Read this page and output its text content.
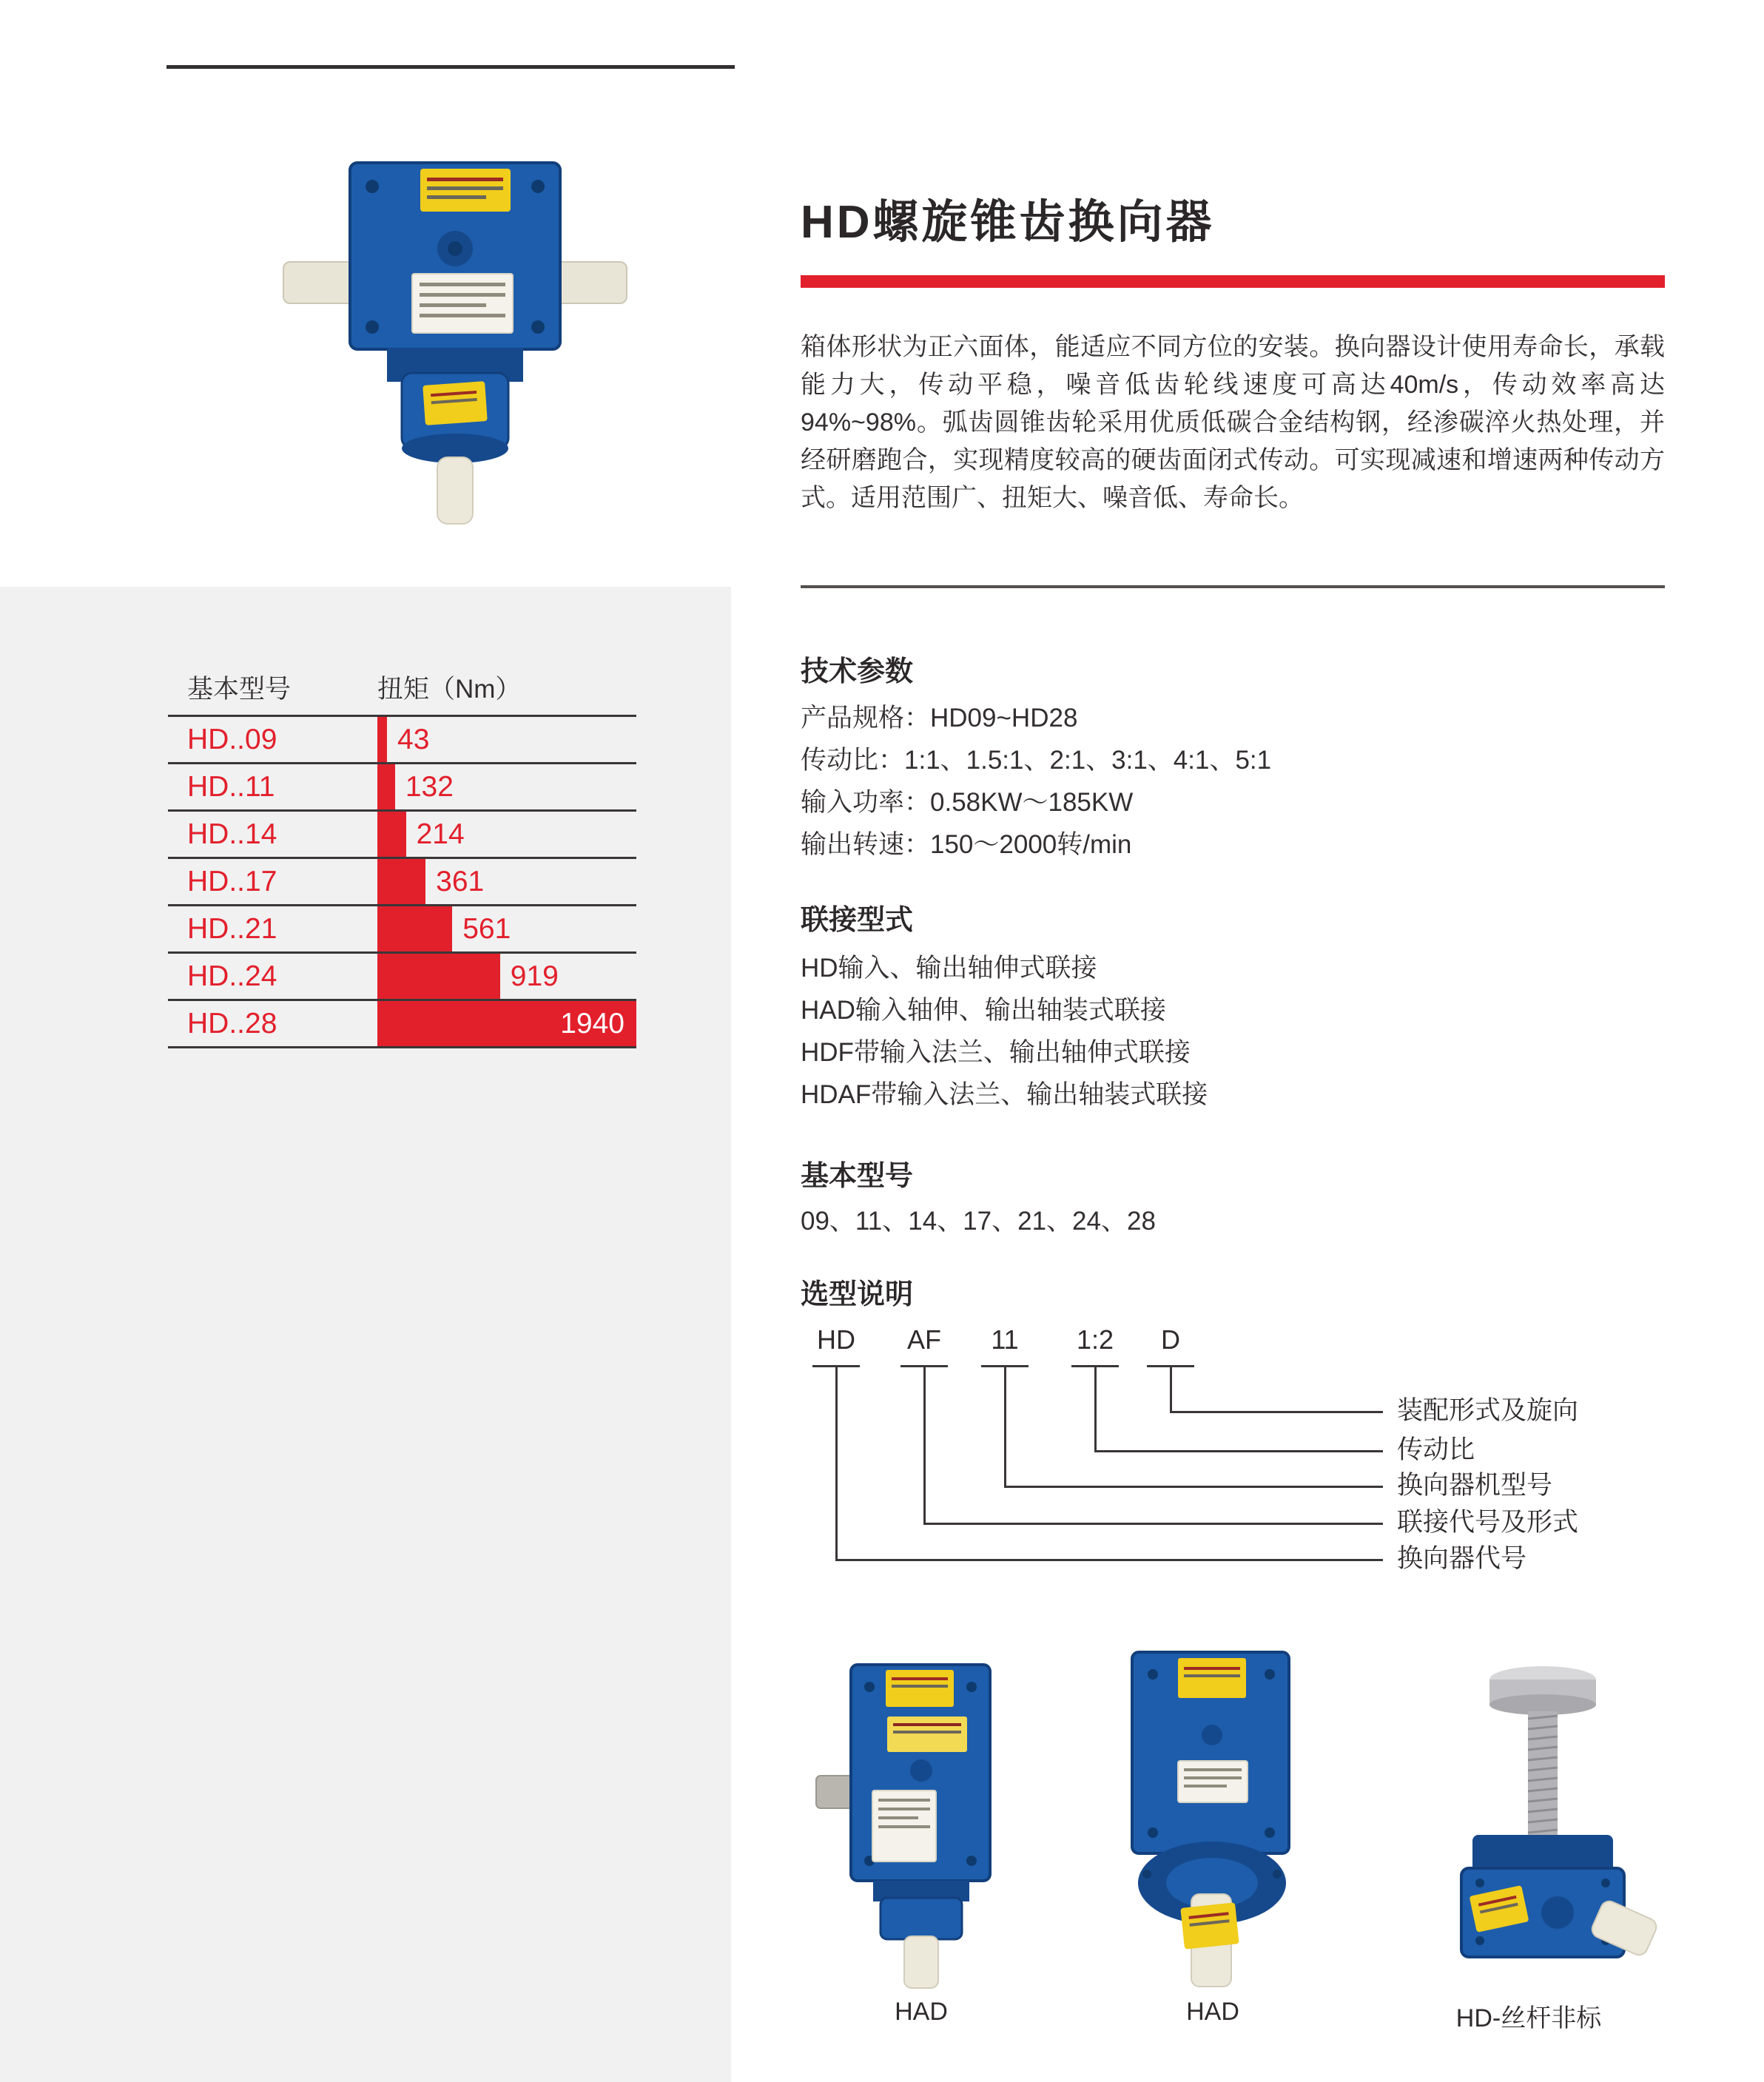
HD螺旋锥齿换向器
箱体形状为正六面体，能适应不同方位的安装。换向器设计使用寿命长，承载能力大，传动平稳，噪音低齿轮线速度可高达40m/s，传动效率高达94%~98%。弧齿圆锥齿轮采用优质低碳合金结构钢，经渗碳淬火热处理，并经研磨跑合，实现精度较高的硬齿面闭式传动。可实现减速和增速两种传动方式。适用范围广、扭矩大、噪音低、寿命长。
基本型号	扭矩（Nm）
HD..09	43
HD..11	132
HD..14	214
HD..17	361
HD..21	561
HD..24	919
HD..28	1940
技术参数
产品规格：HD09~HD28
传动比：1:1、1.5:1、2:1、3:1、4:1、5:1
输入功率：0.58KW～185KW
输出转速：150～2000转/min
联接型式
HD输入、输出轴伸式联接
HAD输入轴伸、输出轴装式联接
HDF带输入法兰、输出轴伸式联接
HDAF带输入法兰、输出轴装式联接
基本型号
09、11、14、17、21、24、28
选型说明
HD	AF	11	1:2	D
装配形式及旋向
传动比
换向器机型号
联接代号及形式
换向器代号
HAD	HAD	HD-丝杆非标
